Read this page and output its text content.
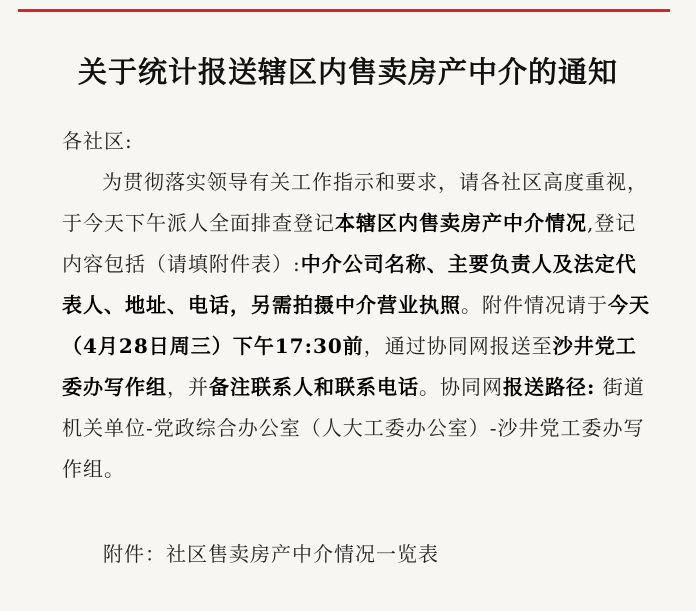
关于统计报送辖区内售卖房产中介的通知
各社区:
为贯彻落实领导有关工作指示和要求，请各社区高度重视，于今天下午派人全面排查登记本辖区内售卖房产中介情况,登记内容包括（请填附件表）:中介公司名称、主要负责人及法定代表人、地址、电话，另需拍摄中介营业执照。附件情况请于今天（4月28日周三）下午17:30前，通过协同网报送至沙井党工委办写作组，并备注联系人和联系电话。协同网报送路径: 街道机关单位-党政综合办公室（人大工委办公室）-沙井党工委办写作组。
附件：社区售卖房产中介情况一览表
